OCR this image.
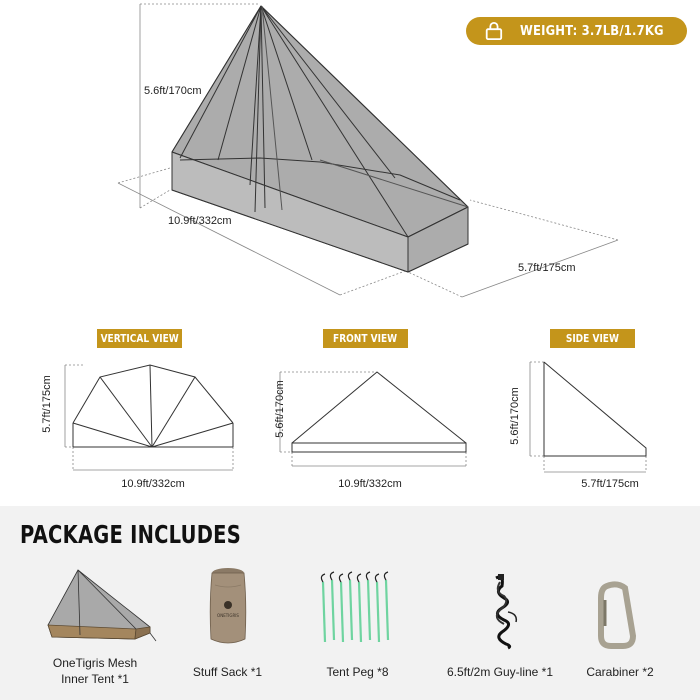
5.6ft/170cm
10.9ft/332cm
5.7ft/175cm
WEIGHT: 3.7LB/1.7KG
VERTICAL VIEW	FRONT VIEW	SIDE VIEW
5.7ft/175cm
10.9ft/332cm
5.6ft/170cm
10.9ft/332cm
5.6ft/170cm
5.7ft/175cm
PACKAGE INCLUDES
OneTigris Mesh
Inner Tent *1
ONETIGRIS
Stuff Sack *1	Tent Peg *8	6.5ft/2m Guy-line *1	Carabiner *2
